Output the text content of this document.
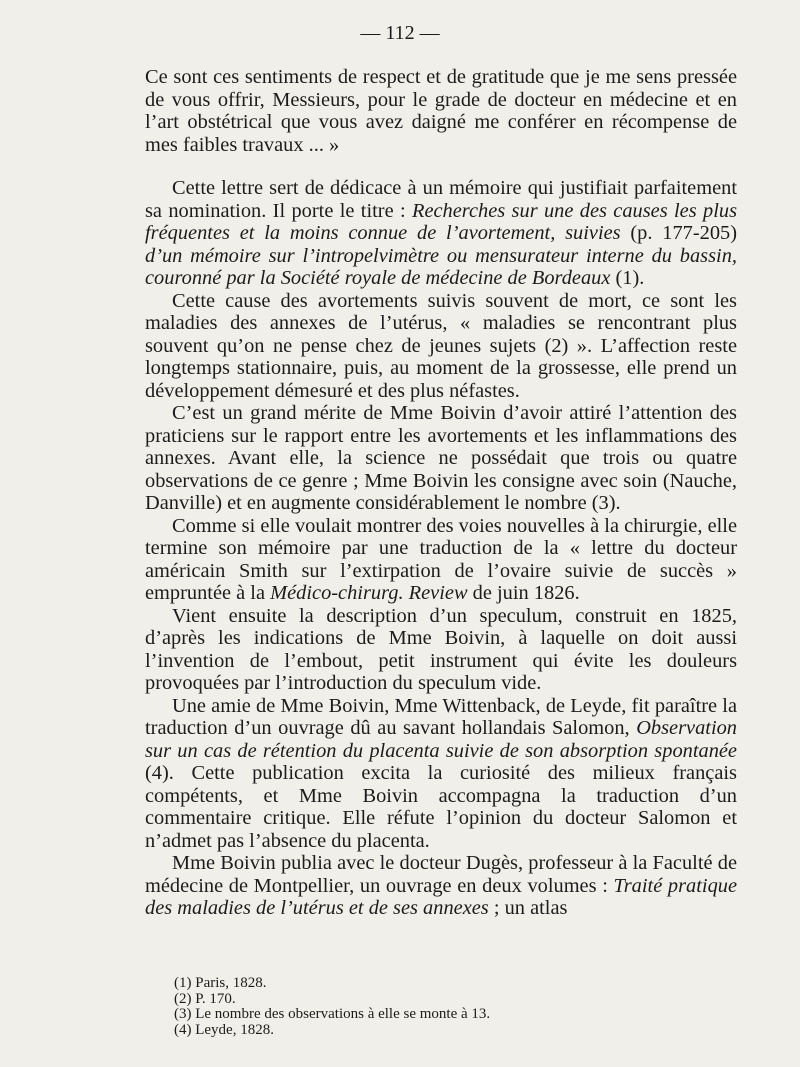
— 112 —

Ce sont ces sentiments de respect et de gratitude que je me sens pressée de vous offrir, Messieurs, pour le grade de docteur en médecine et en l’art obstétrical que vous avez daigné me conférer en récompense de mes faibles travaux ... »

Cette lettre sert de dédicace à un mémoire qui justifiait parfaitement sa nomination. Il porte le titre : Recherches sur une des causes les plus fréquentes et la moins connue de l’avortement, suivies (p. 177-205) d’un mémoire sur l’intropelvimètre ou mensurateur interne du bassin, couronné par la Société royale de médecine de Bordeaux (1).

Cette cause des avortements suivis souvent de mort, ce sont les maladies des annexes de l’utérus, « maladies se rencontrant plus souvent qu’on ne pense chez de jeunes sujets (2) ». L’affection reste longtemps stationnaire, puis, au moment de la grossesse, elle prend un développement démesuré et des plus néfastes.

C’est un grand mérite de Mme Boivin d’avoir attiré l’attention des praticiens sur le rapport entre les avortements et les inflammations des annexes. Avant elle, la science ne possédait que trois ou quatre observations de ce genre ; Mme Boivin les consigne avec soin (Nauche, Danville) et en augmente considérablement le nombre (3).

Comme si elle voulait montrer des voies nouvelles à la chirurgie, elle termine son mémoire par une traduction de la « lettre du docteur américain Smith sur l’extirpation de l’ovaire suivie de succès » empruntée à la Médico-chirurg. Review de juin 1826.

Vient ensuite la description d’un speculum, construit en 1825, d’après les indications de Mme Boivin, à laquelle on doit aussi l’invention de l’embout, petit instrument qui évite les douleurs provoquées par l’introduction du speculum vide.

Une amie de Mme Boivin, Mme Wittenback, de Leyde, fit paraître la traduction d’un ouvrage dû au savant hollandais Salomon, Observation sur un cas de rétention du placenta suivie de son absorption spontanée (4). Cette publication excita la curiosité des milieux français compétents, et Mme Boivin accompagna la traduction d’un commentaire critique. Elle réfute l’opinion du docteur Salomon et n’admet pas l’absence du placenta.

Mme Boivin publia avec le docteur Dugès, professeur à la Faculté de médecine de Montpellier, un ouvrage en deux volumes : Traité pratique des maladies de l’utérus et de ses annexes ; un atlas

(1) Paris, 1828.
(2) P. 170.
(3) Le nombre des observations à elle se monte à 13.
(4) Leyde, 1828.
